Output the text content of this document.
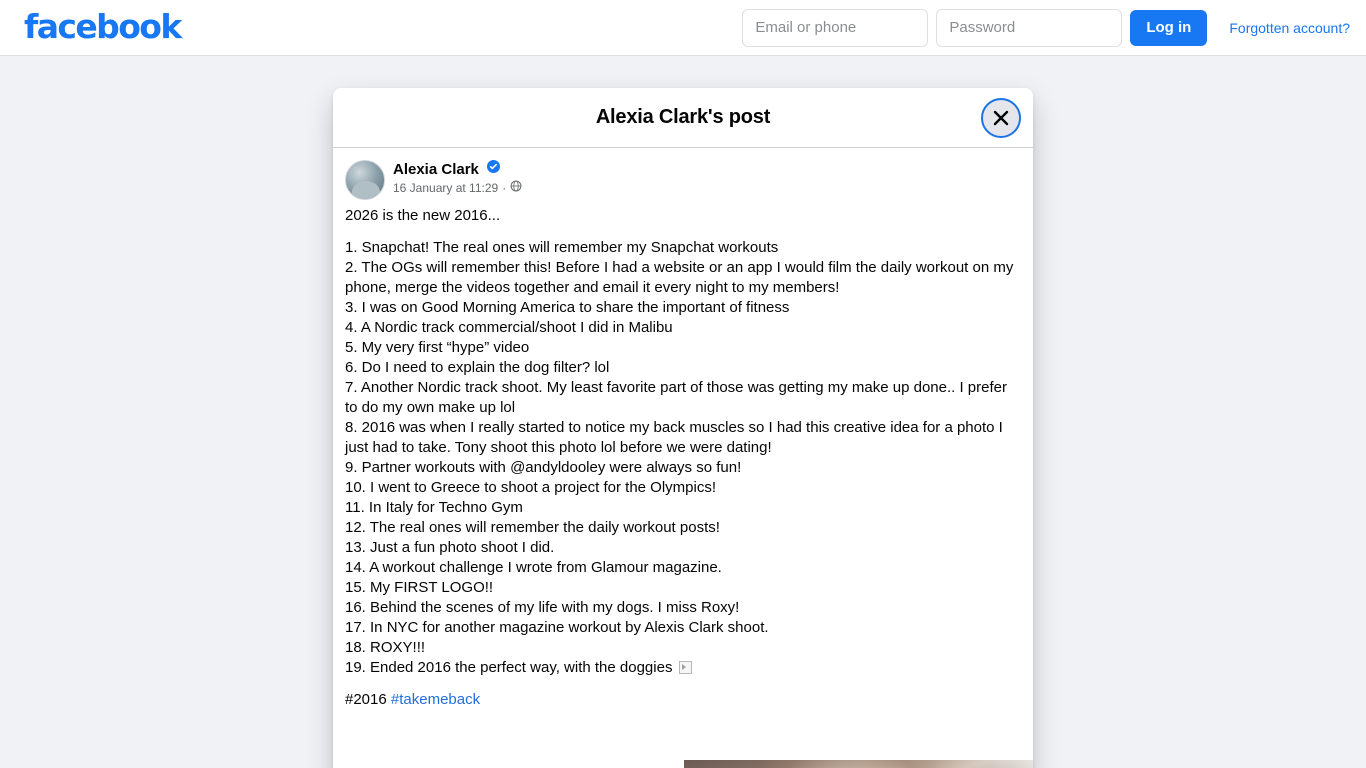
facebook
Email or phone	Log in	Forgotten account?
Alexia Clark's post
Alexia Clark
16 January at 11:29 ·

2026 is the new 2016...

1. Snapchat! The real ones will remember my Snapchat workouts
2. The OGs will remember this! Before I had a website or an app I would film the daily workout on my phone, merge the videos together and email it every night to my members!
3. I was on Good Morning America to share the important of fitness
4. A Nordic track commercial/shoot I did in Malibu
5. My very first “hype” video
6. Do I need to explain the dog filter? lol
7. Another Nordic track shoot. My least favorite part of those was getting my make up done.. I prefer to do my own make up lol
8. 2016 was when I really started to notice my back muscles so I had this creative idea for a photo I just had to take. Tony shoot this photo lol before we were dating!
9. Partner workouts with @andyldooley were always so fun!
10. I went to Greece to shoot a project for the Olympics!
11. In Italy for Techno Gym
12. The real ones will remember the daily workout posts!
13. Just a fun photo shoot I did.
14. A workout challenge I wrote from Glamour magazine.
15. My FIRST LOGO!!
16. Behind the scenes of my life with my dogs. I miss Roxy!
17. In NYC for another magazine workout by Alexis Clark shoot.
18. ROXY!!!
19. Ended 2016 the perfect way, with the doggies

#2016 #takemeback
